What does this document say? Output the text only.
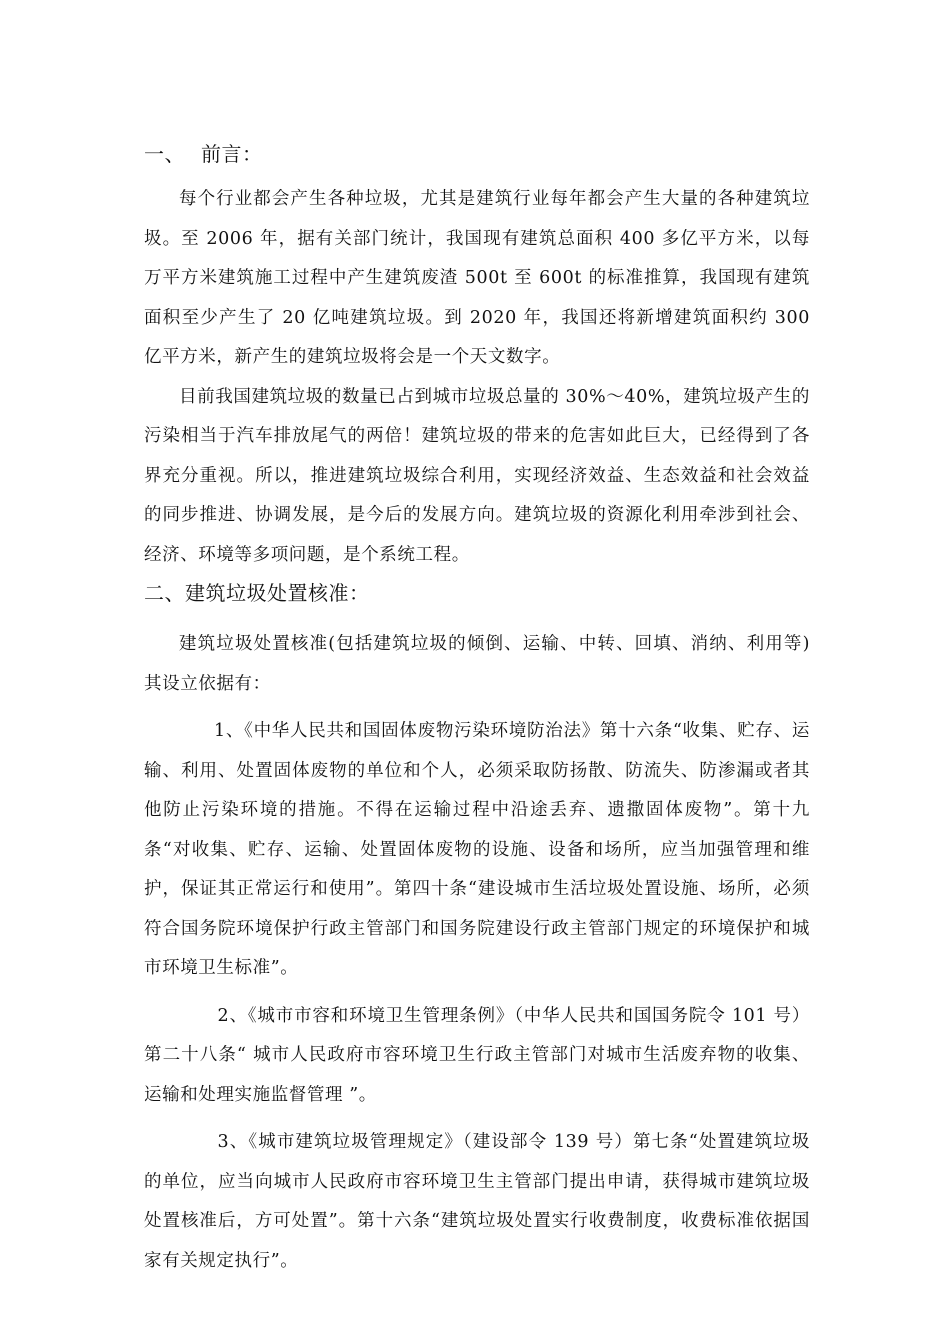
一、 前言：

每个行业都会产生各种垃圾，尤其是建筑行业每年都会产生大量的各种建筑垃圾。至 2006 年，据有关部门统计，我国现有建筑总面积 400 多亿平方米，以每万平方米建筑施工过程中产生建筑废渣 500t 至 600t 的标准推算，我国现有建筑面积至少产生了 20 亿吨建筑垃圾。到 2020 年，我国还将新增建筑面积约 300 亿平方米，新产生的建筑垃圾将会是一个天文数字。

目前我国建筑垃圾的数量已占到城市垃圾总量的 30%～40%，建筑垃圾产生的污染相当于汽车排放尾气的两倍！建筑垃圾的带来的危害如此巨大，已经得到了各界充分重视。所以，推进建筑垃圾综合利用，实现经济效益、生态效益和社会效益的同步推进、协调发展，是今后的发展方向。建筑垃圾的资源化利用牵涉到社会、经济、环境等多项问题，是个系统工程。

二、建筑垃圾处置核准：

建筑垃圾处置核准(包括建筑垃圾的倾倒、运输、中转、回填、消纳、利用等) 其设立依据有：

1、《中华人民共和国固体废物污染环境防治法》第十六条“收集、贮存、运输、利用、处置固体废物的单位和个人，必须采取防扬散、防流失、防渗漏或者其他防止污染环境的措施。不得在运输过程中沿途丢弃、遗撒固体废物”。第十九条“对收集、贮存、运输、处置固体废物的设施、设备和场所，应当加强管理和维护，保证其正常运行和使用”。第四十条“建设城市生活垃圾处置设施、场所，必须符合国务院环境保护行政主管部门和国务院建设行政主管部门规定的环境保护和城市环境卫生标准”。

2、《城市市容和环境卫生管理条例》（中华人民共和国国务院令 101 号）第二十八条“ 城市人民政府市容环境卫生行政主管部门对城市生活废弃物的收集、运输和处理实施监督管理 ”。

3、《城市建筑垃圾管理规定》（建设部令 139 号）第七条“处置建筑垃圾的单位，应当向城市人民政府市容环境卫生主管部门提出申请，获得城市建筑垃圾处置核准后，方可处置”。第十六条“建筑垃圾处置实行收费制度，收费标准依据国家有关规定执行”。
